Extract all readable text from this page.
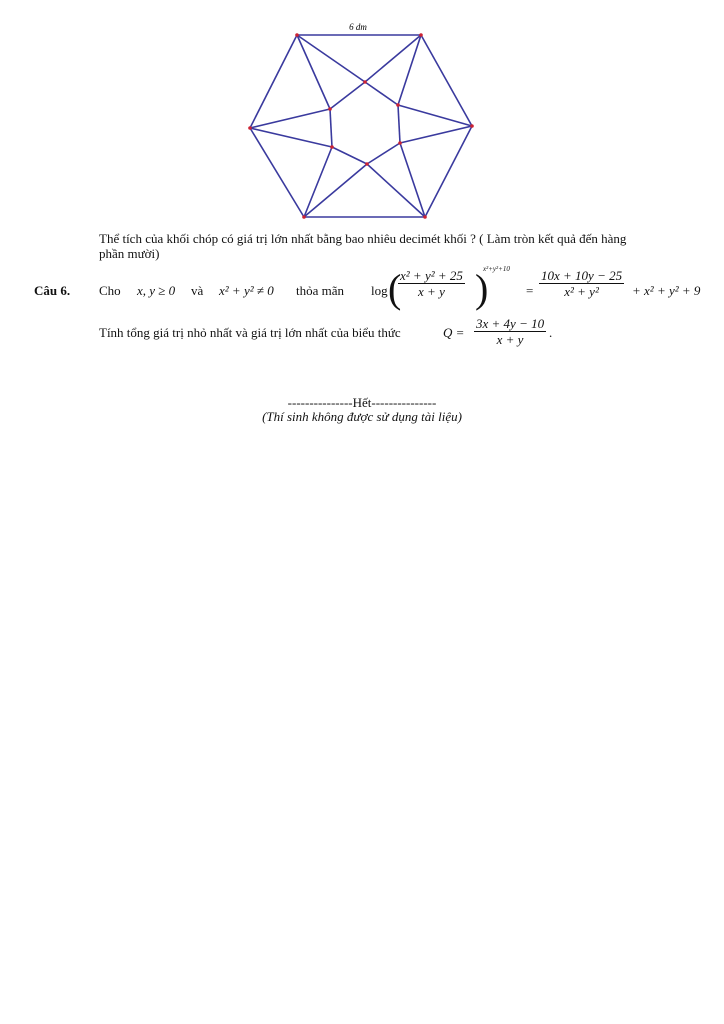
6 dm
Thể tích của khối chóp có giá trị lớn nhất bằng bao nhiêu decimét khối ? ( Làm tròn kết quả đến hàng
phần mười)
Câu 6. Cho x, y ≥ 0 và x² + y² ≠ 0 thỏa mãn log (
$\frac{\text{x² + y² + 25}}{x + y}$ )
x²+y²+10
= $\frac{10x + 10y - 25}{\text{x² + y²}} + x^2 + y^2 + 9$
Tính tổng giá trị nhỏ nhất và giá trị lớn nhất của biểu thức	$Q = \frac{3x + 4y - 10}{x + y}$ .
---------------Hết---------------
(Thí sinh không được sử dụng tài liệu)
